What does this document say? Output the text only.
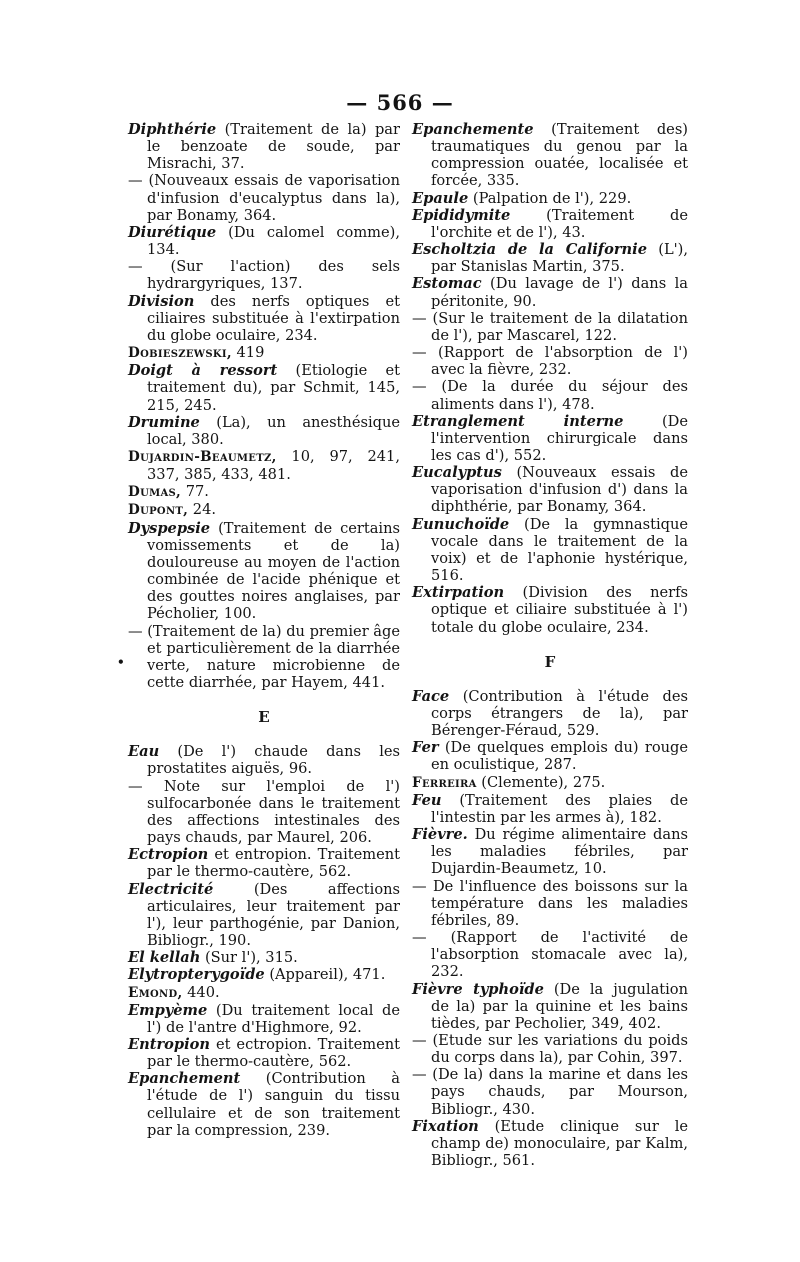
— 566 —
•

Diphthérie (Traitement de la) par le benzoate de soude, par Misrachi, 37.

— (Nouveaux essais de vaporisation d'infusion d'eucalyptus dans la), par Bonamy, 364.

Diurétique (Du calomel comme), 134.

— (Sur l'action) des sels hydrargyriques, 137.

Division des nerfs optiques et ciliaires substituée à l'extirpation du globe oculaire, 234.

Dobieszewski, 419

Doigt à ressort (Etiologie et traitement du), par Schmit, 145, 215, 245.

Drumine (La), un anesthésique local, 380.

Dujardin-Beaumetz, 10, 97, 241, 337, 385, 433, 481.

Dumas, 77.

Dupont, 24.

Dyspepsie (Traitement de certains vomissements et de la) douloureuse au moyen de l'action combinée de l'acide phénique et des gouttes noires anglaises, par Pécholier, 100.

— (Traitement de la) du premier âge et particulièrement de la diarrhée verte, nature microbienne de cette diarrhée, par Hayem, 441.

E

Eau (De l') chaude dans les prostatites aiguës, 96.

— Note sur l'emploi de l') sulfocarbonée dans le traitement des affections intestinales des pays chauds, par Maurel, 206.

Ectropion et entropion. Traitement par le thermo-cautère, 562.

Electricité (Des affections articulaires, leur traitement par l'), leur parthogénie, par Danion, Bibliogr., 190.

El kellah (Sur l'), 315.

Elytropterygoïde (Appareil), 471.

Emond, 440.

Empyème (Du traitement local de l') de l'antre d'Highmore, 92.

Entropion et ectropion. Traitement par le thermo-cautère, 562.

Epanchement (Contribution à l'étude de l') sanguin du tissu cellulaire et de son traitement par la compression, 239.

Epanchemente (Traitement des) traumatiques du genou par la compression ouatée, localisée et forcée, 335.

Epaule (Palpation de l'), 229.

Epididymite (Traitement de l'orchite et de l'), 43.

Escholtzia de la Californie (L'), par Stanislas Martin, 375.

Estomac (Du lavage de l') dans la péritonite, 90.

— (Sur le traitement de la dilatation de l'), par Mascarel, 122.

— (Rapport de l'absorption de l') avec la fièvre, 232.

— (De la durée du séjour des aliments dans l'), 478.

Etranglement interne (De l'intervention chirurgicale dans les cas d'), 552.

Eucalyptus (Nouveaux essais de vaporisation d'infusion d') dans la diphthérie, par Bonamy, 364.

Eunuchoïde (De la gymnastique vocale dans le traitement de la voix) et de l'aphonie hystérique, 516.

Extirpation (Division des nerfs optique et ciliaire substituée à l') totale du globe oculaire, 234.

F

Face (Contribution à l'étude des corps étrangers de la), par Bérenger-Féraud, 529.

Fer (De quelques emplois du) rouge en oculistique, 287.

Ferreira (Clemente), 275.

Feu (Traitement des plaies de l'intestin par les armes à), 182.

Fièvre. Du régime alimentaire dans les maladies fébriles, par Dujardin-Beaumetz, 10.

— De l'influence des boissons sur la température dans les maladies fébriles, 89.

— (Rapport de l'activité de l'absorption stomacale avec la), 232.

Fièvre typhoïde (De la jugulation de la) par la quinine et les bains tièdes, par Pecholier, 349, 402.

— (Etude sur les variations du poids du corps dans la), par Cohin, 397.

— (De la) dans la marine et dans les pays chauds, par Mourson, Bibliogr., 430.

Fixation (Etude clinique sur le champ de) monoculaire, par Kalm, Bibliogr., 561.
